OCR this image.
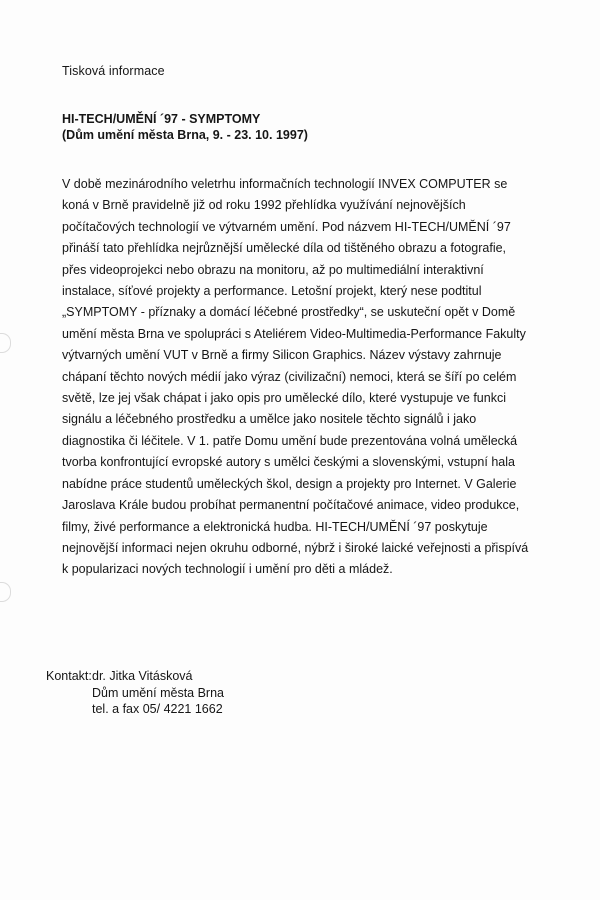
Tisková informace
HI-TECH/UMĚNÍ ´97 - SYMPTOMY
(Dům umění města Brna, 9. - 23. 10. 1997)
V době mezinárodního veletrhu informačních technologií INVEX COMPUTER se
koná v Brně pravidelně již od roku 1992 přehlídka využívání nejnovějších
počítačových technologií ve výtvarném umění. Pod názvem HI-TECH/UMĚNÍ ´97
přináší tato přehlídka nejrůznější umělecké díla od tištěného obrazu a fotografie,
přes videoprojekci nebo obrazu na monitoru, až po multimediální interaktivní
instalace, síťové projekty a performance. Letošní projekt, který nese podtitul
„SYMPTOMY - příznaky a domácí léčebné prostředky“, se uskuteční opět v Domě
umění města Brna ve spolupráci s Ateliérem Video-Multimedia-Performance Fakulty
výtvarných umění VUT v Brně a firmy Silicon Graphics. Název výstavy zahrnuje
chápaní těchto nových médií jako výraz (civilizační) nemoci, která se šíří po celém
světě, lze jej však chápat i jako opis pro umělecké dílo, které vystupuje ve funkci
signálu a léčebného prostředku a umělce jako nositele těchto signálů i jako
diagnostika či léčitele. V 1. patře Domu umění bude prezentována volná umělecká
tvorba konfrontující evropské autory s umělci českými a slovenskými, vstupní hala
nabídne práce studentů uměleckých škol, design a projekty pro Internet. V Galerie
Jaroslava Krále budou probíhat permanentní počítačové animace, video produkce,
filmy, živé performance a elektronická hudba. HI-TECH/UMĚNÍ ´97 poskytuje
nejnovější informaci nejen okruhu odborné, nýbrž i široké laické veřejnosti a přispívá
k popularizaci nových technologií i umění pro děti a mládež.
Kontakt: dr. Jitka Vitásková
Dům umění města Brna
tel. a fax 05/ 4221 1662
